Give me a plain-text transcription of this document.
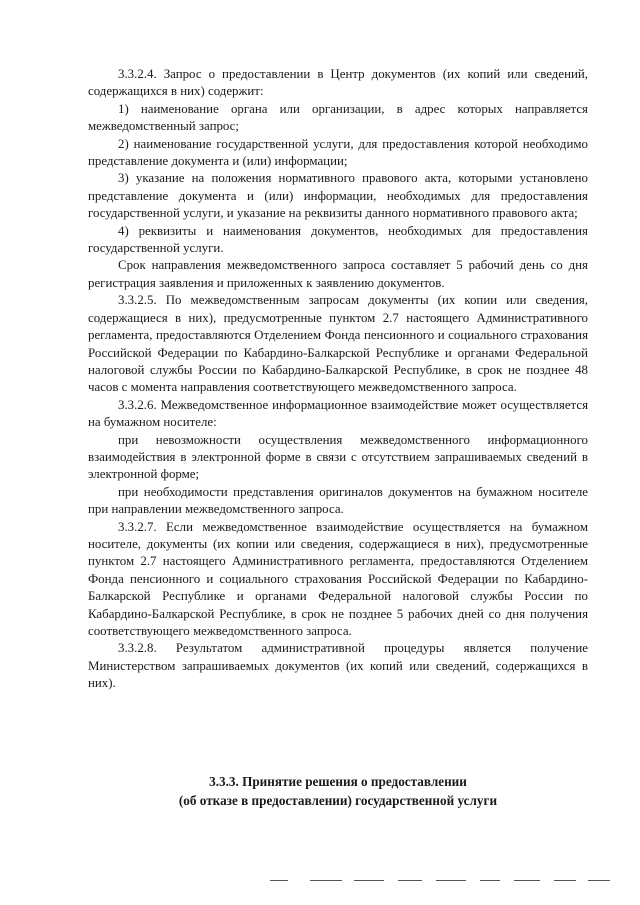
3.3.2.4. Запрос о предоставлении в Центр документов (их копий или сведений, содержащихся в них) содержит:

1) наименование органа или организации, в адрес которых направляется межведомственный запрос;

2) наименование государственной услуги, для предоставления которой необходимо представление документа и (или) информации;

3) указание на положения нормативного правового акта, которыми установлено представление документа и (или) информации, необходимых для предоставления государственной услуги, и указание на реквизиты данного нормативного правового акта;

4) реквизиты и наименования документов, необходимых для предоставления государственной услуги.

Срок направления межведомственного запроса составляет 5 рабочий день со дня регистрация заявления и приложенных к заявлению документов.

3.3.2.5. По межведомственным запросам документы (их копии или сведения, содержащиеся в них), предусмотренные пунктом 2.7 настоящего Административного регламента, предоставляются Отделением Фонда пенсионного и социального страхования Российской Федерации по Кабардино-Балкарской Республике и органами Федеральной налоговой службы России по Кабардино-Балкарской Республике, в срок не позднее 48 часов с момента направления соответствующего межведомственного запроса.

3.3.2.6. Межведомственное информационное взаимодействие может осуществляется на бумажном носителе:

при невозможности осуществления межведомственного информационного взаимодействия в электронной форме в связи с отсутствием запрашиваемых сведений в электронной форме;

при необходимости представления оригиналов документов на бумажном носителе при направлении межведомственного запроса.

3.3.2.7. Если межведомственное взаимодействие осуществляется на бумажном носителе, документы (их копии или сведения, содержащиеся в них), предусмотренные пунктом 2.7 настоящего Административного регламента, предоставляются Отделением Фонда пенсионного и социального страхования Российской Федерации по Кабардино-Балкарской Республике и органами Федеральной налоговой службы России по Кабардино-Балкарской Республике, в срок не позднее 5 рабочих дней со дня получения соответствующего межведомственного запроса.

3.3.2.8. Результатом административной процедуры является получение Министерством запрашиваемых документов (их копий или сведений, содержащихся в них).

3.3.3. Принятие решения о предоставлении
(об отказе в предоставлении) государственной услуги
